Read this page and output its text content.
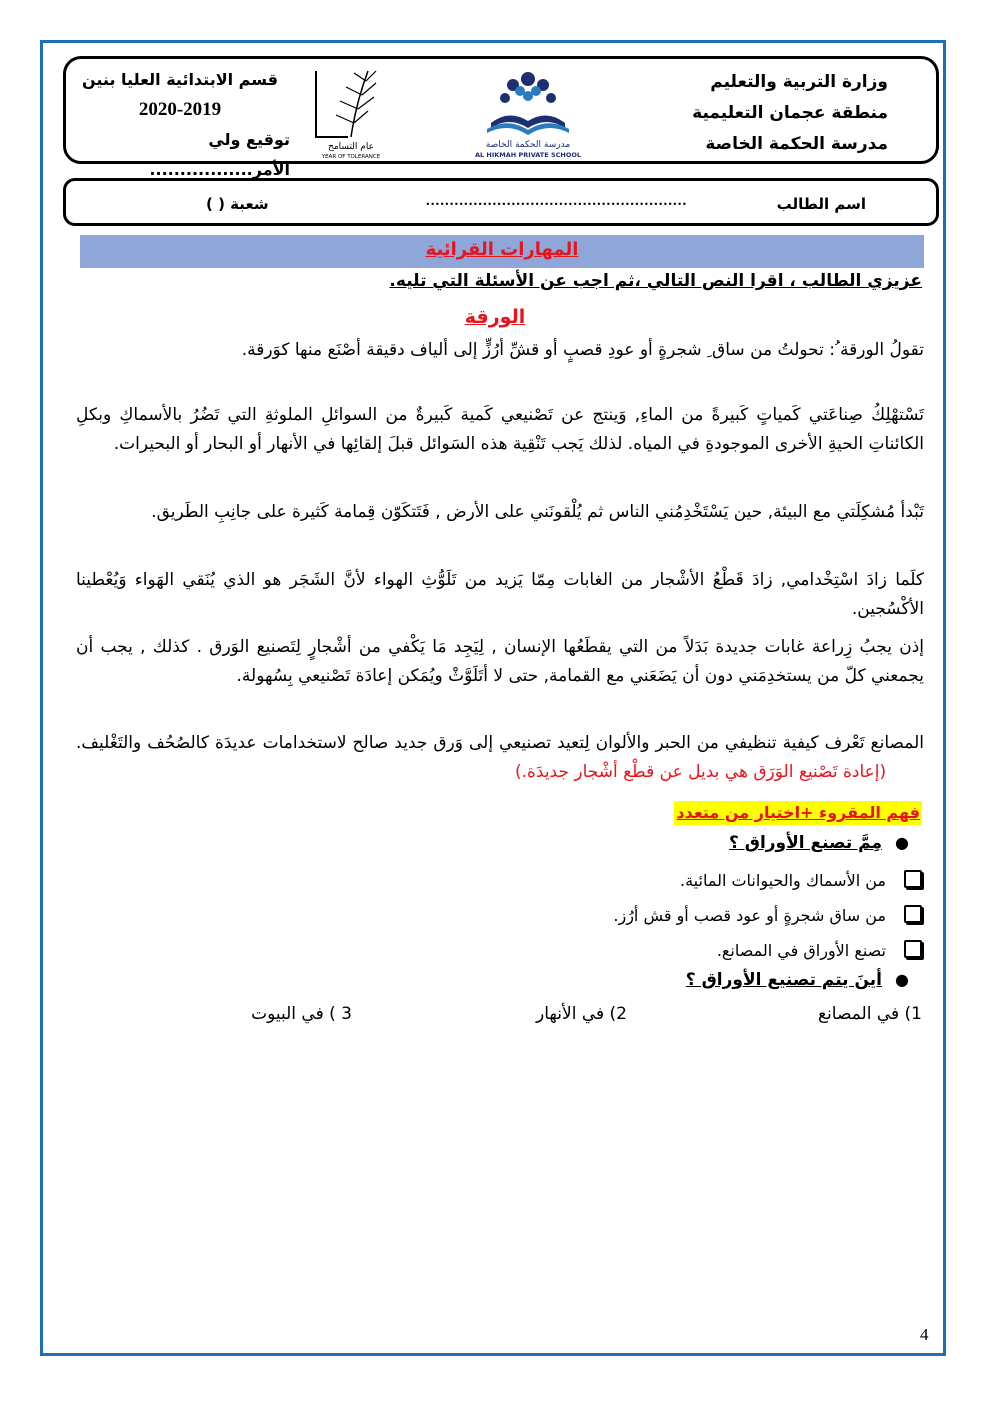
وزارة التربية والتعليم
منطقة عجمان التعليمية
مدرسة الحكمة الخاصة
مدرسة الحكمة الخاصة
AL HIKMAH PRIVATE SCHOOL
عام التسامح
YEAR OF TOLERANCE
قسم الابتدائية العليا بنين
2020-2019
توقيع ولي الأمر.................
اسم الطالب
.......................................................
شعبة ( )
المهارات القرائية
عزيزي الطالب ، اقرا النص التالي ،ثم اجب عن الأسئلة التي تليه.
الورقة
تقولُ الورقة ُ: تحولتُ من ساق ِ شجرةٍ أو عودِ قصبٍ أو قشِّ أرُزٍّ إلى ألياف دقيقة أصْنَع منها كوَرقة.
تَسْتهْلِكُ صِناعَتي كَمياتٍ كَبيرةً من الماءِ, وَينتج عن تَصْنيعي كَمية كَبيرةٌ من السوائلِ الملوثةِ التي تَضُرُ بالأسماكِ وبكلِ الكائناتِ الحيةِ الأخرى الموجودةِ في المياه. لذلك يَجب تَنْقِية هذه السَوائل قبلَ إلقائِها في الأنهار أو البحار أو البحيرات.
تَبْدأ مُشكِلَتي مع البيئة, حين يَسْتَخْدِمُني الناس ثم يُلْقونَني على الأرض , فَتَتكَوّن قِمامة كَثيرة على جانِبِ الطَريق.
كلَما زادَ اسْتِخْدامي, زادَ قَطْعُ الأشْجار من الغابات مِمّا يَزيد من تَلَوُّثِ الهواء لأنَّ الشَجَر هو الذي يُنَقي الهَواء وَيُعْطينا الأكْسُجين.
إذن يجبُ زِراعة غابات جديدة بَدَلاً من التي يقطَعُها الإنسان , لِيَجِد مَا يَكْفي من أشْجارٍ لِتَصنيع الوَرق . كذلك , يجب أن يجمعني كلّ من يستخدِمَني دون أن يَضَعَني مع القمامة, حتى لا أتَلَوَّثْ ويُمَكن إعادَة تَصْنيعي بِسُهولة.
المصانع تَعْرف كيفية تنظيفي من الحبر والألوان لِتعيد تصنيعي إلى وَرق جديد صالح لاستخدامات عديدَة كالصُحُف والتَغْليف.        (إعادة تَصْنيع الوَرَق هي بديل عن قطْع أشْجار جديدَة.)
فهم المقروء +اختيار من متعدد
●مِمَّ تصنع الأوراق ؟
من الأسماك والحيوانات المائية.
من ساق شجرةٍ أو عود قصب أو قش أرُز.
تصنع الأوراق في المصانع.
●أينَ يتم تصنيع الأوراق ؟
1) في المصانع
2) في الأنهار
3 ) في البيوت
4
